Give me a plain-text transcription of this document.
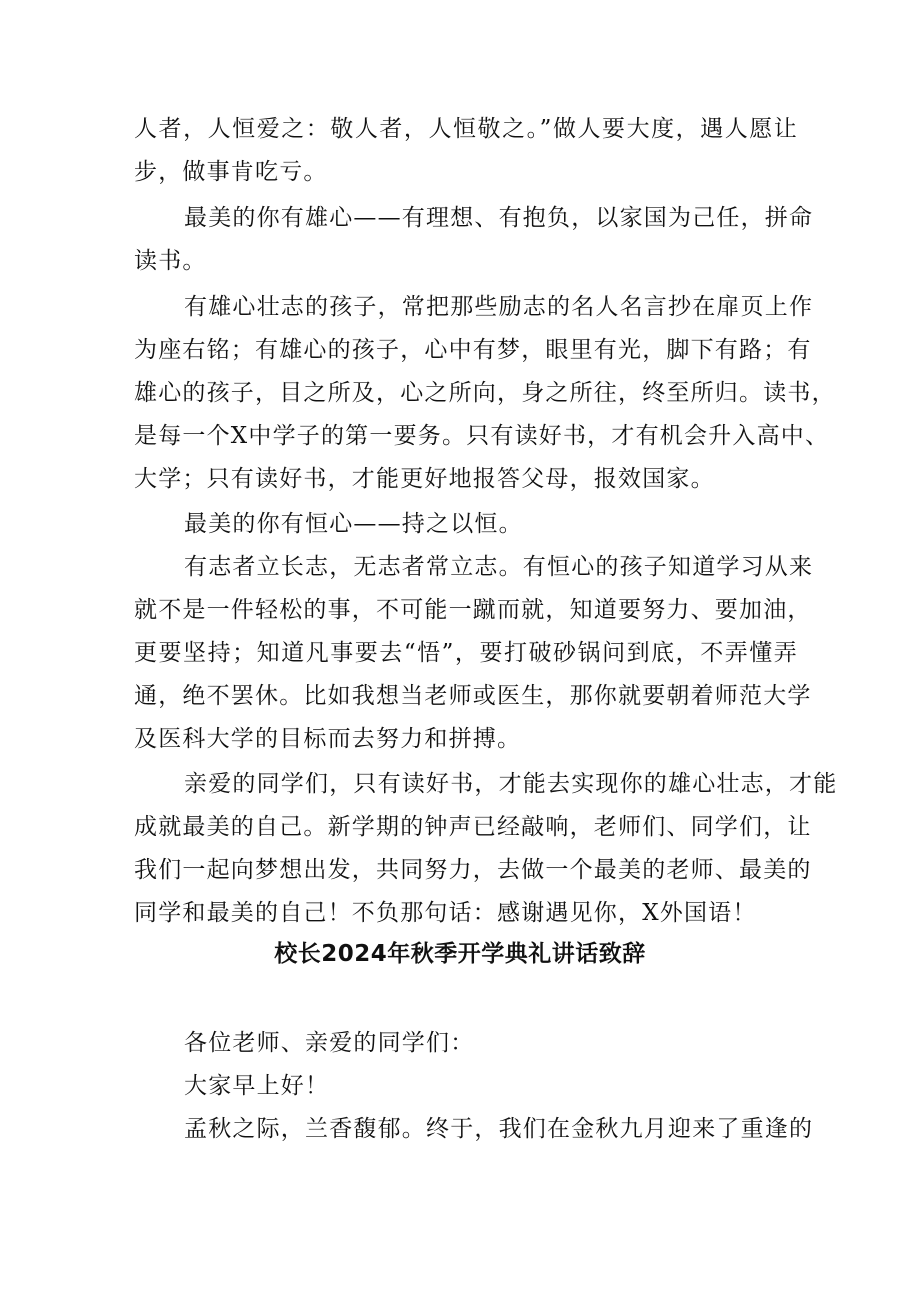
人者，人恒爱之：敬人者，人恒敬之。”做人要大度，遇人愿让
步，做事肯吃亏。

最美的你有雄心——有理想、有抱负，以家国为己任，拼命
读书。

有雄心壮志的孩子，常把那些励志的名人名言抄在扉页上作
为座右铭；有雄心的孩子，心中有梦，眼里有光，脚下有路；有
雄心的孩子，目之所及，心之所向，身之所往，终至所归。读书，
是每一个X中学子的第一要务。只有读好书，才有机会升入高中、
大学；只有读好书，才能更好地报答父母，报效国家。

最美的你有恒心——持之以恒。

有志者立长志，无志者常立志。有恒心的孩子知道学习从来
就不是一件轻松的事，不可能一蹴而就，知道要努力、要加油，
更要坚持；知道凡事要去“悟”，要打破砂锅问到底，不弄懂弄
通，绝不罢休。比如我想当老师或医生，那你就要朝着师范大学
及医科大学的目标而去努力和拼搏。

亲爱的同学们，只有读好书，才能去实现你的雄心壮志，才能
成就最美的自己。新学期的钟声已经敲响，老师们、同学们，让
我们一起向梦想出发，共同努力，去做一个最美的老师、最美的
同学和最美的自己！不负那句话：感谢遇见你，X外国语！

校长2024年秋季开学典礼讲话致辞

各位老师、亲爱的同学们：

大家早上好！

孟秋之际，兰香馥郁。终于，我们在金秋九月迎来了重逢的
